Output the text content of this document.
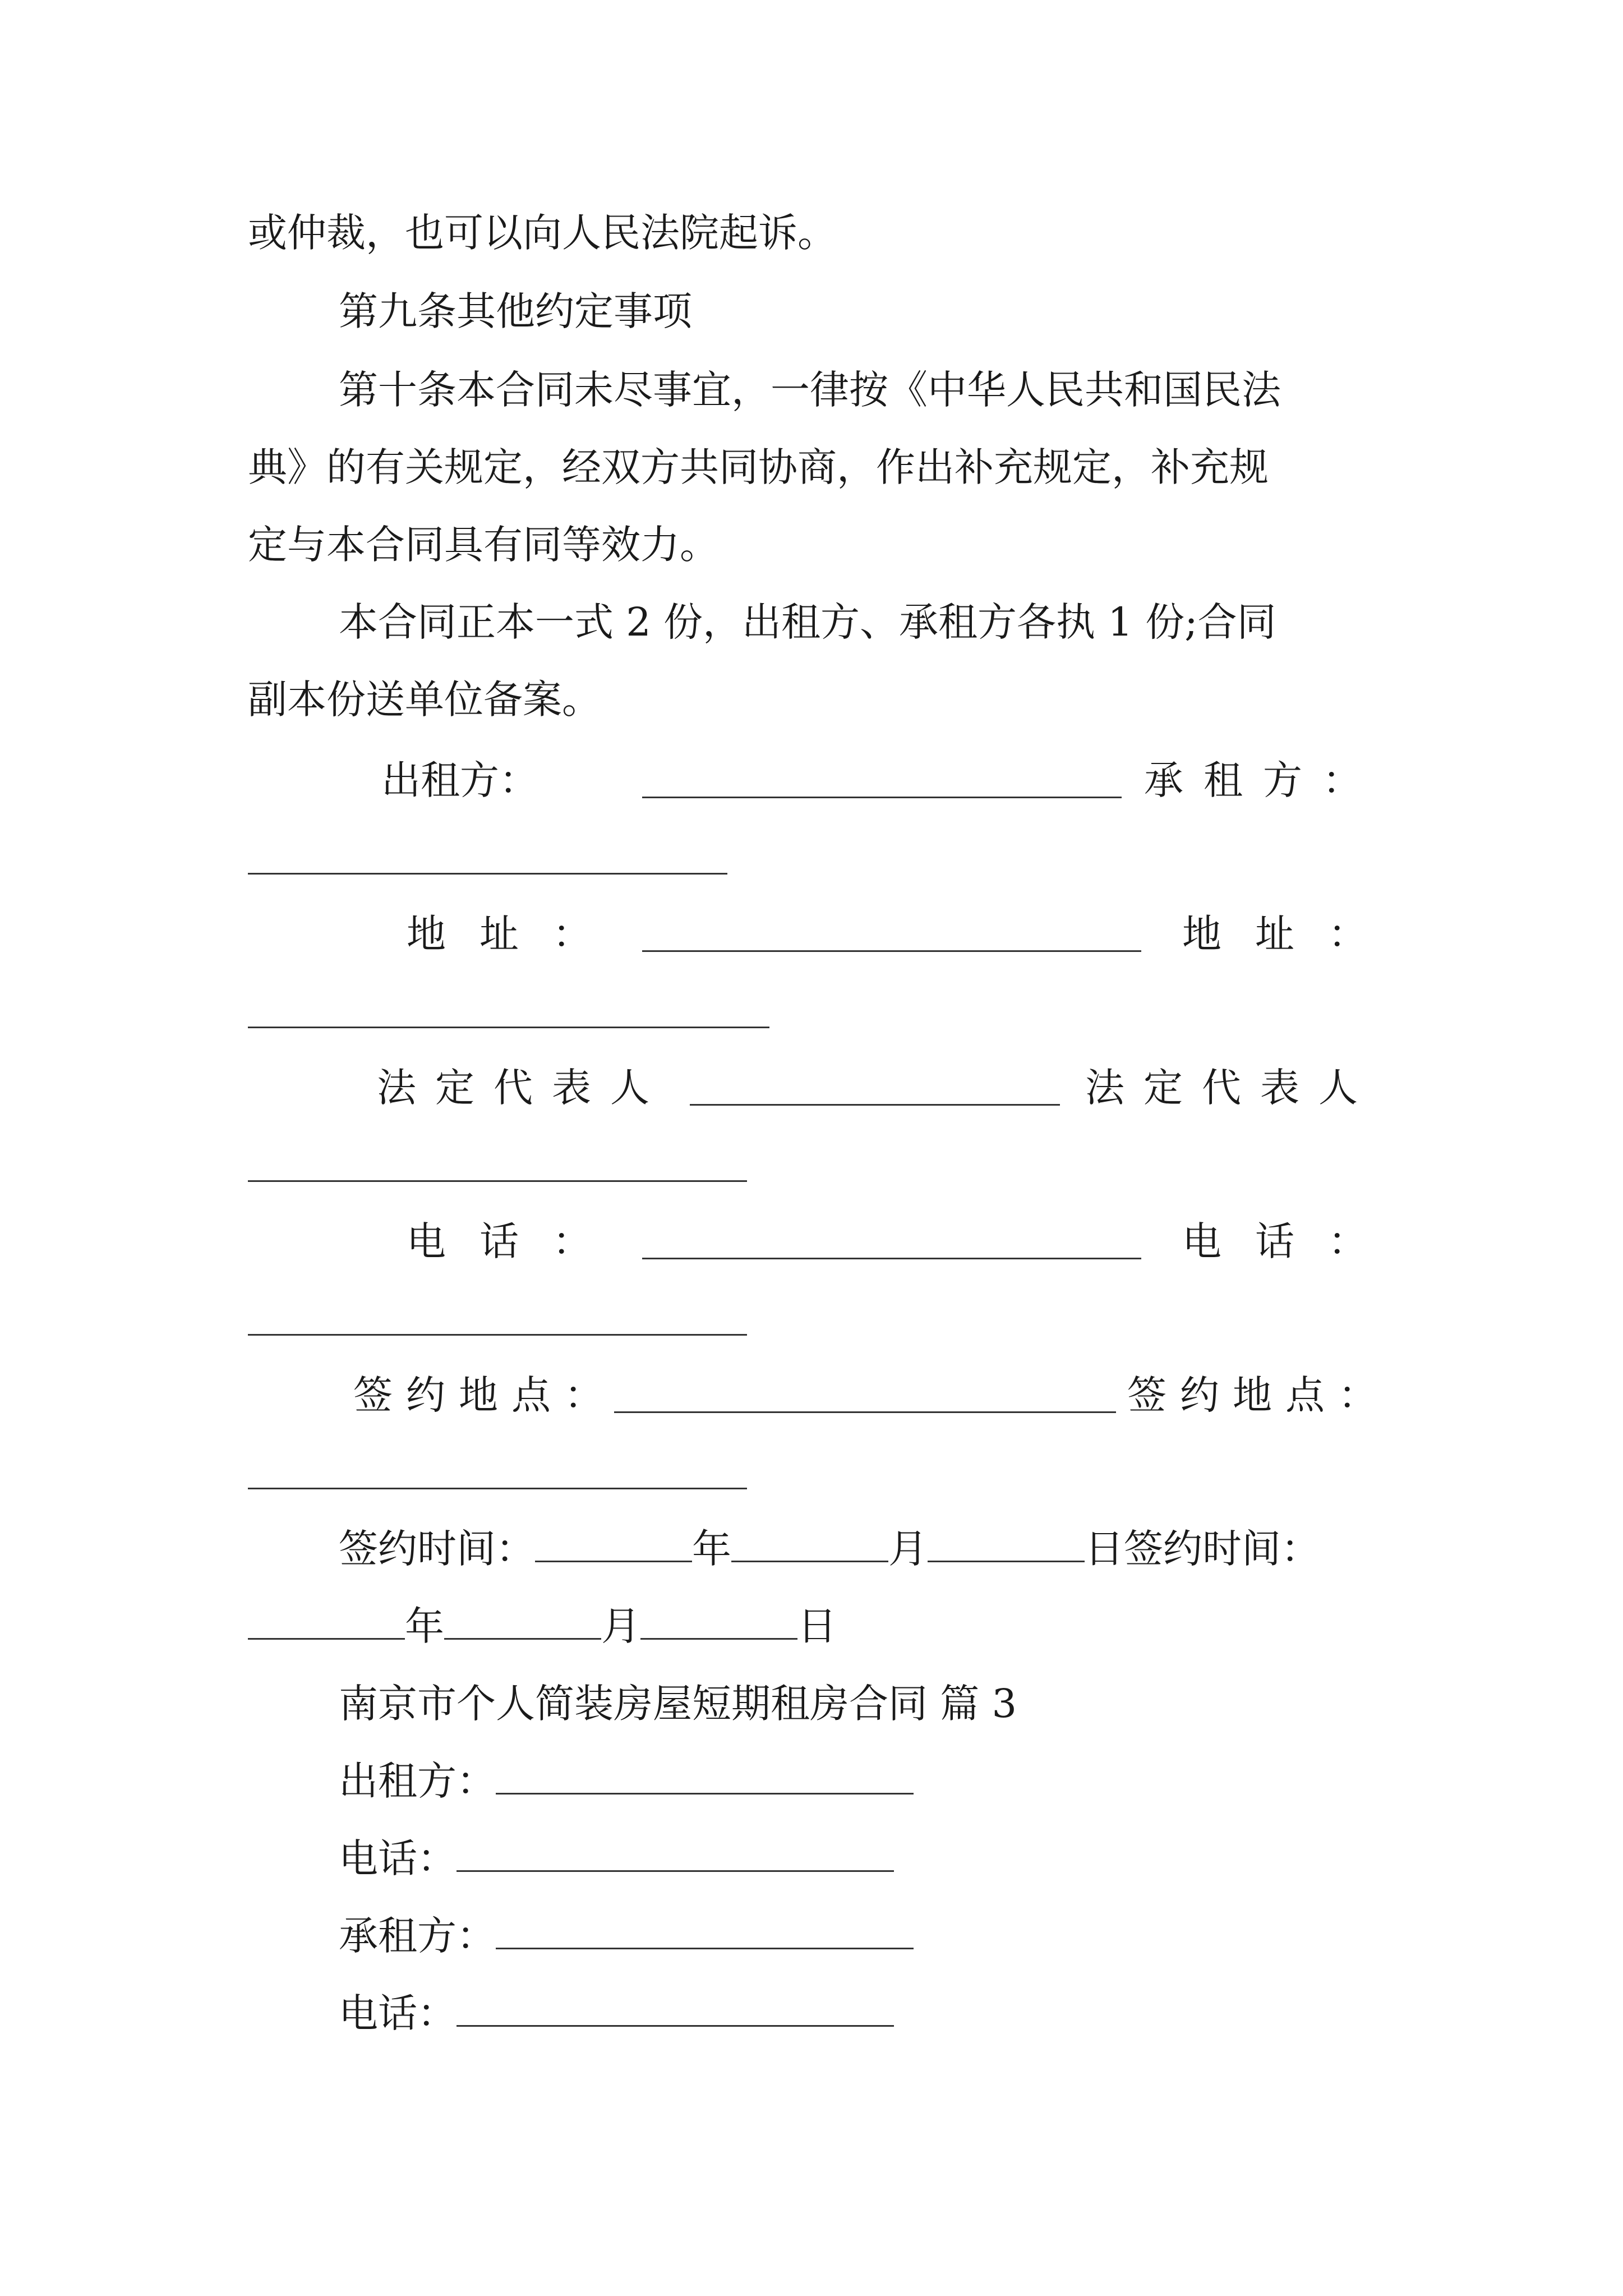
或仲裁，也可以向人民法院起诉。
第九条其他约定事项
第十条本合同未尽事宜，一律按《中华人民共和国民法
典》的有关规定，经双方共同协商，作出补充规定，补充规
定与本合同具有同等效力。
本合同正本一式 2 份，出租方、承租方各执 1 份;合同
副本份送单位备案。
出租方：	承租方：
地址：	地址：
法定代表人	法定代表人
电话：	电话：
签约地点：	签约地点：
签约时间：	年	月	日签约时间：
年	月	日
南京市个人简装房屋短期租房合同 篇 3
出租方：
电话：
承租方：
电话：
